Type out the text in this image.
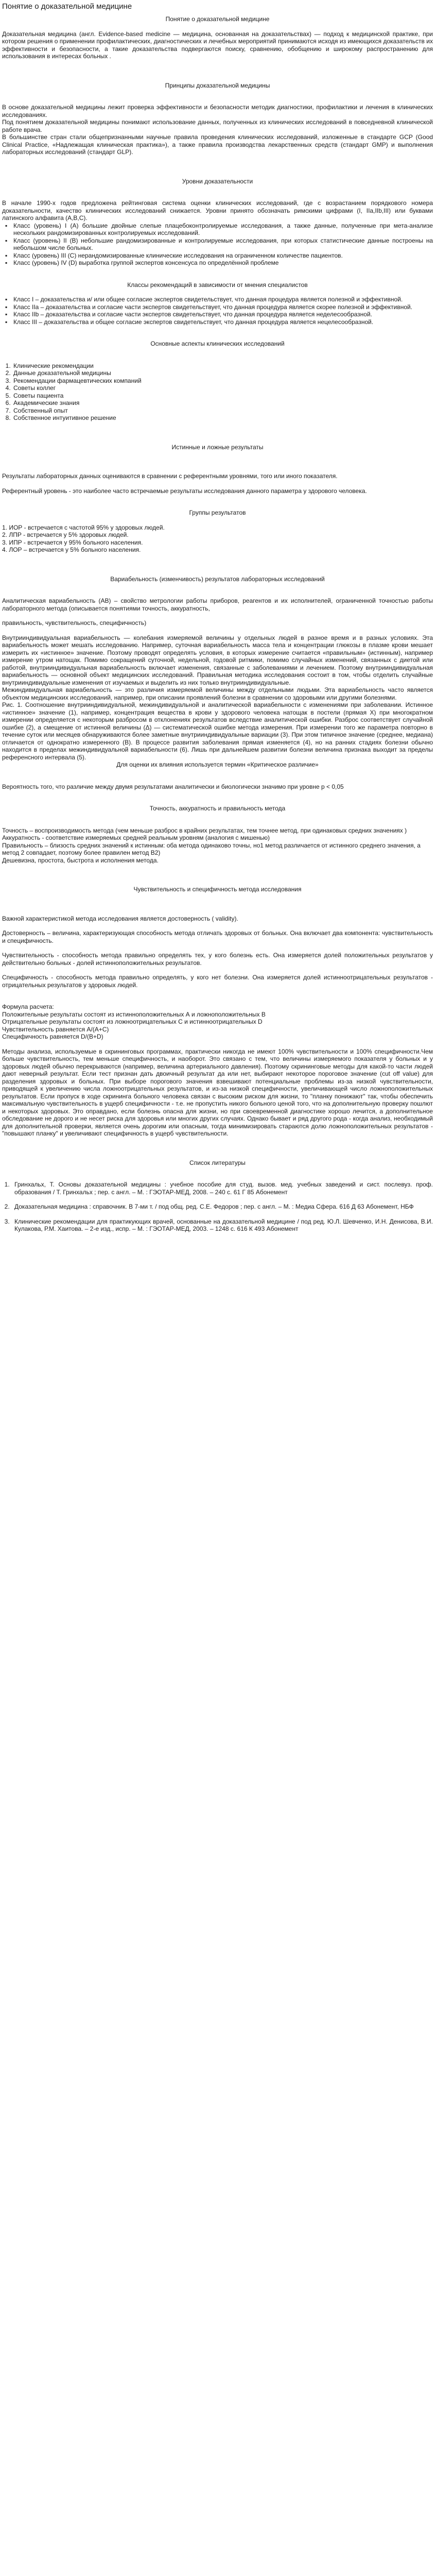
Понятие о доказательной медицине

Понятие о доказательной медицине

Доказательная медицина (англ. Evidence-based medicine — медицина, основанная на доказательствах) — подход к медицинской практике, при котором решения о применении профилактических, диагностических и лечебных мероприятий принимаются исходя из имеющихся доказательств их эффективности и безопасности, а такие доказательства подвергаются поиску, сравнению, обобщению и широкому распространению для использования в интересах больных .

Принципы доказательной медицины

В основе доказательной медицины лежит проверка эффективности и безопасности методик диагностики, профилактики и лечения в клинических исследованиях.

Под понятием доказательной медицины понимают использование данных, полученных из клинических исследований в повседневной клинической работе врача.

В большинстве стран стали общепризнанными научные правила проведения клинических исследований, изложенные в стандарте GCP (Good Clinical Practice, «Надлежащая клиническая практика»), а также правила производства лекарственных средств (стандарт GMP) и выполнения лабораторных исследований (стандарт GLP).

Уровни доказательности

В начале 1990-х годов предложена рейтинговая система оценки клинических исследований, где с возрастанием порядкового номера доказательности, качество клинических исследований снижается. Уровни принято обозначать римскими цифрами (I, IIa,IIb,III) или буквами латинского алфавита (A,B,C).

▪ Класс (уровень) I (A) большие двойные слепые плацебоконтролируемые исследования, а также данные, полученные при мета-анализе нескольких рандомизированных контролируемых исследований.
▪ Класс (уровень) II (B) небольшие рандомизированные и контролируемые исследования, при которых статистические данные построены на небольшом числе больных.
▪ Класс (уровень) III (C) нерандомизированные клинические исследования на ограниченном количестве пациентов.
▪ Класс (уровень) IV (D) выработка группой экспертов консенсуса по определённой проблеме

Классы рекомендаций в зависимости от мнения специалистов

▪ Класс I – доказательства и/ или общее согласие экспертов свидетельствует, что данная процедура является полезной и эффективной.
▪ Класс IIa – доказательства и согласие части экспертов свидетельствует, что данная процедура является скорее полезной и эффективной.
▪ Класс IIb – доказательства и согласие части экспертов свидетельствует, что данная процедура является неделесообразной.
▪ Класс III – доказательства и общее согласие экспертов свидетельствует, что данная процедура является нецелесообразной.

Основные аспекты клинических исследований

1. Клинические рекомендации
2. Данные доказательной медицины
3. Рекомендации фармацевтических компаний
4. Советы коллег
5. Советы пациента
6. Академические знания
7. Собственный опыт
8. Собственное интуитивное решение

Истинные и ложные результаты

Результаты лабораторных данных оцениваются в сравнении с референтными уровнями, того или иного показателя.

Референтный уровень - это наиболее часто встречаемые результаты исследования данного параметра у здорового человека.

Группы результатов

1. ИОР - встречается с частотой 95% у здоровых людей.

2. ЛПР - встречается у 5% здоровых людей.

3. ИПР - встречается у 95% больного населения.

4. ЛОР – встречается у 5% больного населения.

Вариабельность (изменчивость) результатов лабораторных исследований

Аналитическая вариабельность (АВ) – свойство метрологии работы приборов, реагентов и их исполнителей, ограниченной точностью работы лабораторного метода (описывается понятиями точность, аккуратность,

правильность, чувствительность, специфичность)

Внутрииндивидуальная вариабельность — колебания измеряемой величины у отдельных людей в разное время и в разных условиях. Эта вариабельность может мешать исследованию. Например, суточная вариабельность масса тела и концентрации глюкозы в плазме крови мешает измерить их «истинное» значение. Поэтому проводят определять условия, в которых измерение считается «правильным» (истинным), например измерение утром натощак. Помимо сокращений суточной, недельной, годовой ритмики, помимо случайных изменений, связанных с диетой или работой, внутрииндивидуальная вариабельность включает изменения, связанные с заболеваниями и лечением. Поэтому внутрииндивидуальная вариабельность — основной объект медицинских исследований. Правильная методика исследования состоит в том, чтобы отделить случайные внутрииндивидуальные изменения от изучаемых и выделить из них только внутрииндивидуальные.

Межиндивидуальная вариабельность — это различия измеряемой величины между отдельными людьми. Эта вариабельность часто является объектом медицинских исследований, например, при описании проявлений болезни в сравнении со здоровыми или другими болезнями.

Рис. 1. Соотношение внутрииндивидуальной, межиндивидуальной и аналитической вариабельности с изменениями при заболевании. Истинное «истинное» значение (1), например, концентрация вещества в крови у здорового человека натощак в постели (прямая X) при многократном измерении определяется с некоторым разбросом в отклонениях результатов вследствие аналитической ошибки. Разброс соответствует случайной ошибке (2), а смещение от истинной величины (Δ) — систематической ошибке метода измерения. При измерении того же параметра повторно в течение суток или месяцев обнаруживаются более заметные внутрииндивидуальные вариации (3). При этом типичное значение (среднее, медиана) отличается от однократно измеренного (В). В процессе развития заболевания прямая изменяется (4), но на ранних стадиях болезни обычно находится в пределах межиндивидуальной вариабельности (6). Лишь при дальнейшем развитии болезни величина признака выходит за пределы референсного интервала (5).

Для оценки их влияния используется термин «Критическое различие»

Вероятность того, что различие между двумя результатами аналитически и биологически значимо при уровне p < 0,05

Точность, аккуратность и правильность метода

Точность – воспроизводимость метода (чем меньше разброс в крайних результатах, тем точнее метод, при одинаковых средних значениях )

Аккуратность - соответствие измеряемых средней реальным уровням (аналогия с мишенью)

Правильность – близость средних значений к истинным: оба метода одинаково точны, но1 метод различается от истинного среднего значения, а

метод 2 совпадает, поэтому более правилен метод В2)

Дешевизна, простота, быстрота и исполнения метода.

Чувствительность и специфичность метода исследования

Важной характеристикой метода исследования является достоверность ( validity).

Достоверность – величина, характеризующая способность метода отличать здоровых от больных. Она включает два компонента: чувствительность и специфичность.

Чувствительность - способность метода правильно определять тех, у кого болезнь есть. Она измеряется долей положительных результатов у действительно больных - долей истинноположительных результатов.

Специфичность - способность метода правильно определять, у кого нет болезни. Она измеряется долей истинноотрицательных результатов - отрицательных результатов у здоровых людей.

Формула расчета:

Положительные результаты состоят из истинноположительных А и ложноположительных В

Отрицательные результаты состоят из ложноотрицательных С и истинноотрицательных D

Чувствительность равняется А/(А+С)

Специфичность равняется D/(B+D)

Методы анализа, используемые в скрининговых программах, практически никогда не имеют 100% чувствительности и 100% специфичности.Чем больше чувствительность, тем меньше специфичность, и наоборот. Это связано с тем, что величины измеряемого показателя у больных и у здоровых людей обычно перекрываются (например, величина артериального давления). Поэтому скрининговые методы для какой-то части людей дают неверный результат. Если тест признан дать двоичный результат да или нет, выбирают некоторое пороговое значение (cut off value) для разделения здоровых и больных. При выборе порогового значения взвешивают потенциальные проблемы из-за низкой чувствительности, приводящей к увеличению числа ложноотрицательных результатов, и из-за низкой специфичности, увеличивающей число ложноположительных результатов. Если пропуск в ходе скрининга больного человека связан с высоким риском для жизни, то "планку понижают" так, чтобы обеспечить максимальную чувствительность в ущерб специфичности - т.е. не пропустить никого больного ценой того, что на дополнительную проверку пошлют и некоторых здоровых. Это оправдано, если болезнь опасна для жизни, но при своевременной диагностике хорошо лечится, а дополнительное обследование не дорого и не несет риска для здоровья или многих других случаях. Однако бывает и ряд другого рода - когда анализ, необходимый для дополнительной проверки, является очень дорогим или опасным, тогда минимизировать стараются долю ложноположительных результатов - "повышают планку" и увеличивают специфичность в ущерб чувствительности.

Список литературы

1. Гринхальх, Т. Основы доказательной медицины : учебное пособие для студ. вызов. мед. учебных заведений и сист. послевуз. проф. образования / Т. Гринхальх ; пер. с англ. – М. : ГЭОТАР-МЕД, 2008. – 240 с. 61 Г 85 Абонемент
2. Доказательная медицина : справочник. В 7-ми т. / под общ. ред. С.Е. Федоров ; пер. с англ. – М. : Медиа Сфера. 616 Д 63 Абонемент, НБФ
3. Клинические рекомендации для практикующих врачей, основанные на доказательной медицине / под ред. Ю.Л. Шевченко, И.Н. Денисова, В.И. Кулакова, Р.М. Хаитова. – 2-е изд., испр. – М. : ГЭОТАР-МЕД, 2003. – 1248 с. 616 К 493 Абонемент
